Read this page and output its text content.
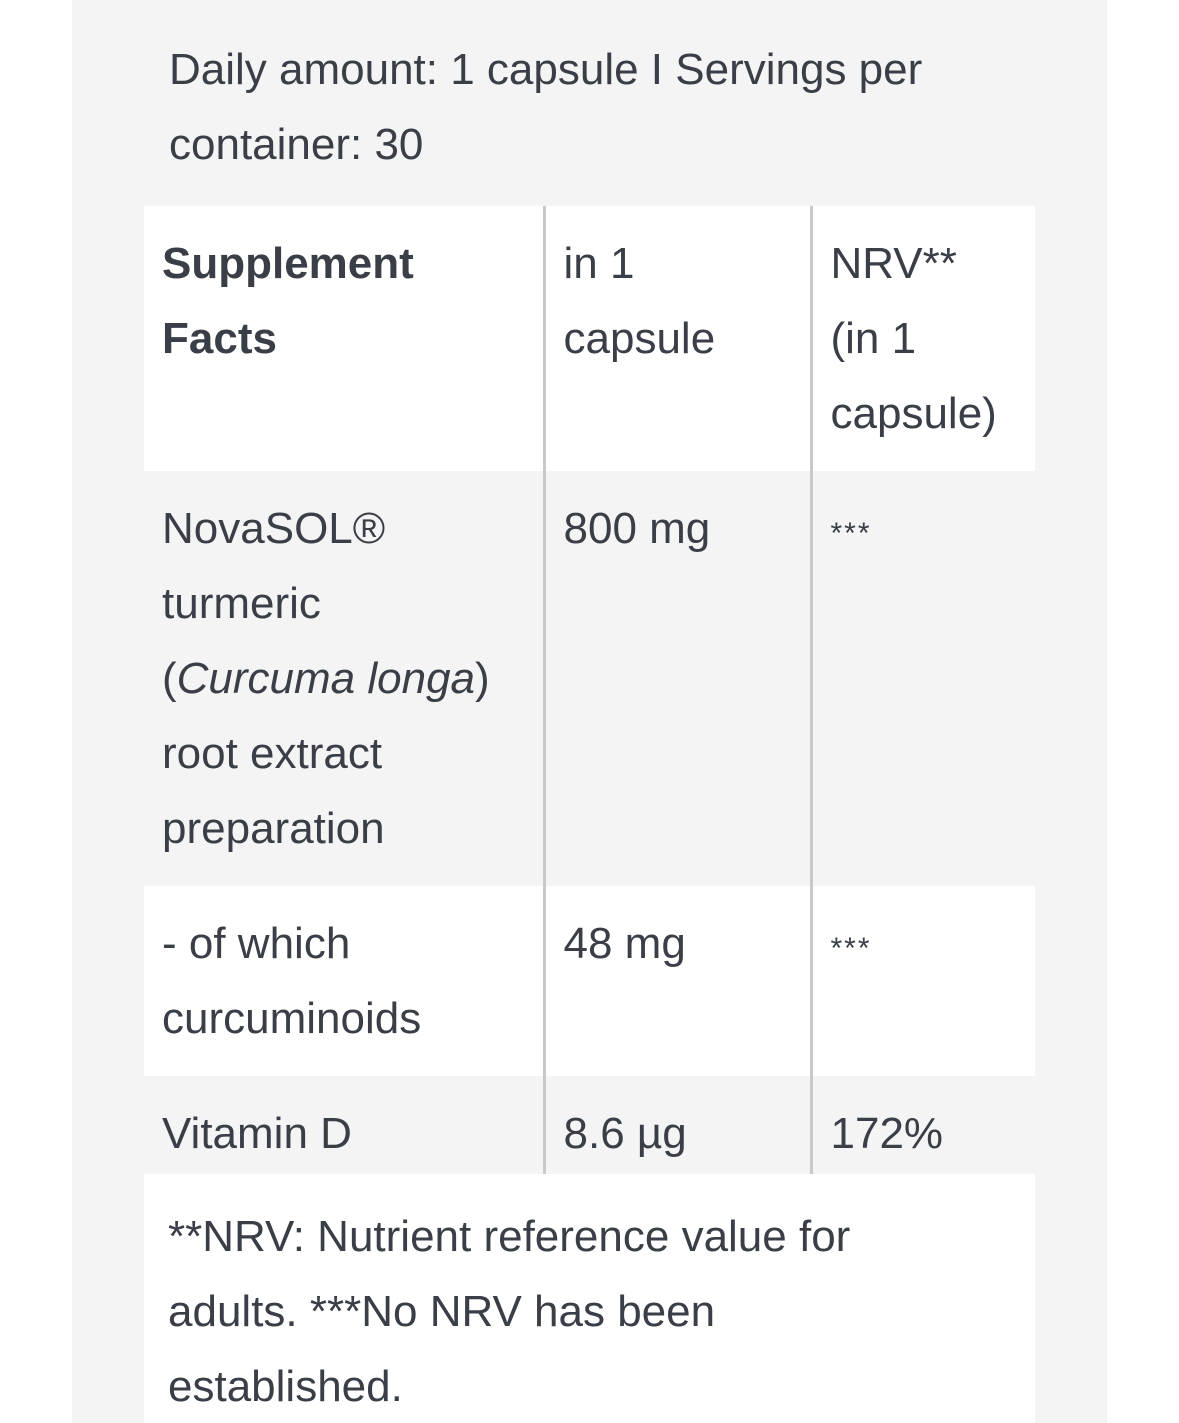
Daily amount: 1 capsule I Servings per container: 30

Supplement Facts	in 1 capsule	NRV** (in 1 capsule)
NovaSOL® turmeric (Curcuma longa) root extract preparation	800 mg	***
- of which curcuminoids	48 mg	***
Vitamin D	8.6 µg	172%

**NRV: Nutrient reference value for adults. ***No NRV has been established.
